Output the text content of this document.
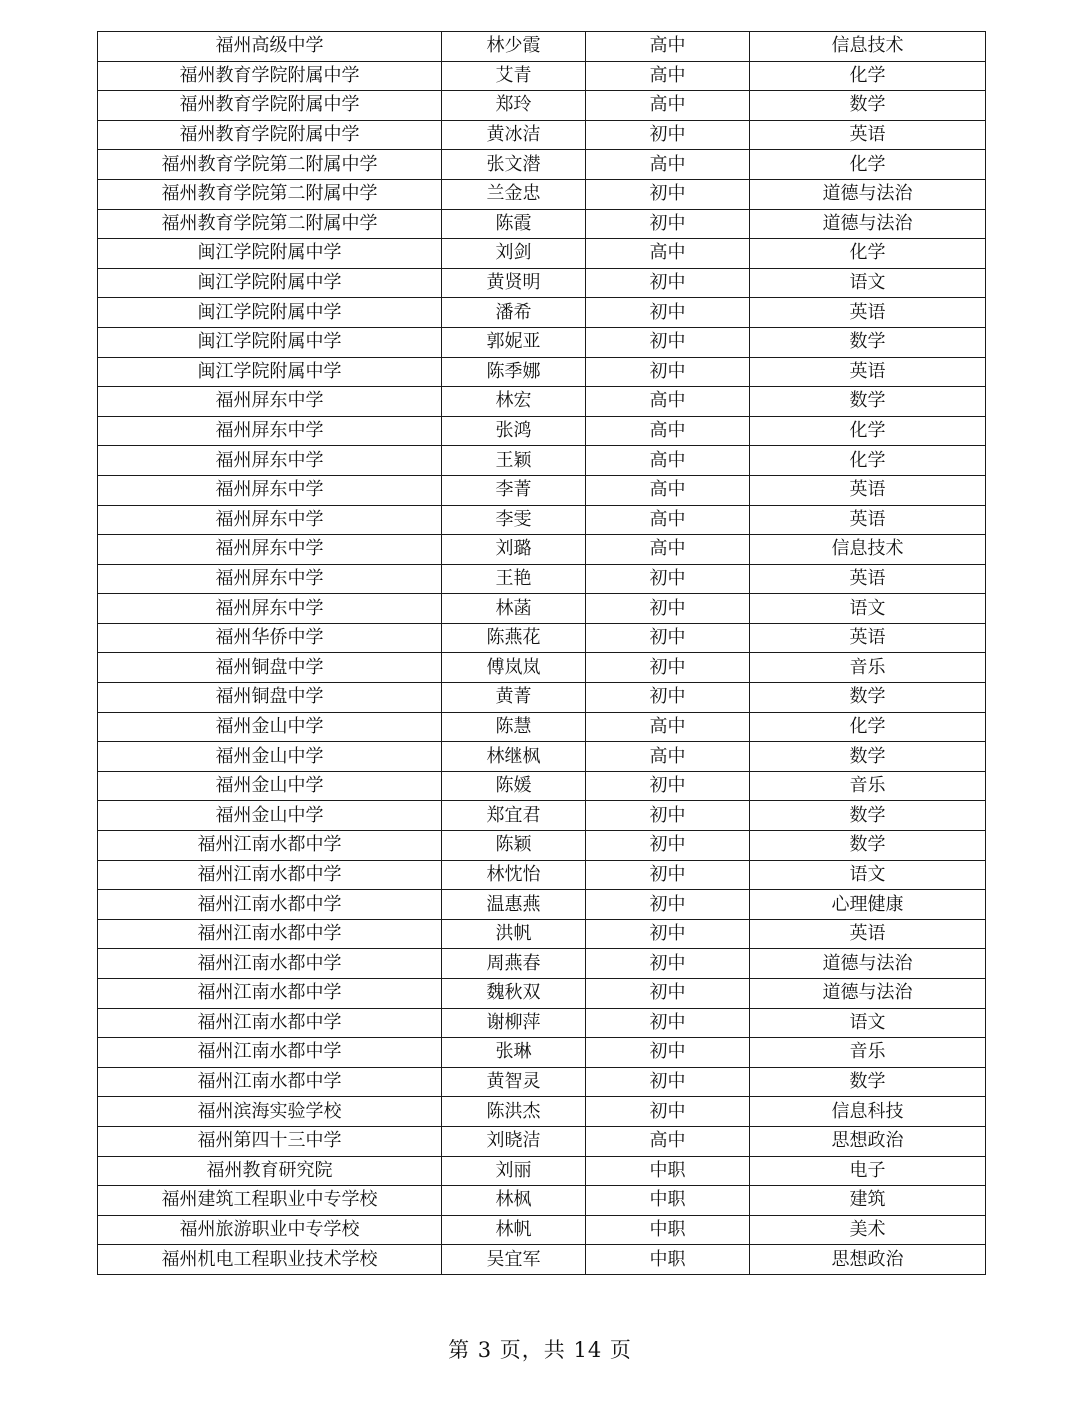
福州高级中学	林少霞	高中	信息技术
福州教育学院附属中学	艾青	高中	化学
福州教育学院附属中学	郑玲	高中	数学
福州教育学院附属中学	黄冰洁	初中	英语
福州教育学院第二附属中学	张文潜	高中	化学
福州教育学院第二附属中学	兰金忠	初中	道德与法治
福州教育学院第二附属中学	陈霞	初中	道德与法治
闽江学院附属中学	刘剑	高中	化学
闽江学院附属中学	黄贤明	初中	语文
闽江学院附属中学	潘希	初中	英语
闽江学院附属中学	郭妮亚	初中	数学
闽江学院附属中学	陈季娜	初中	英语
福州屏东中学	林宏	高中	数学
福州屏东中学	张鸿	高中	化学
福州屏东中学	王颖	高中	化学
福州屏东中学	李菁	高中	英语
福州屏东中学	李雯	高中	英语
福州屏东中学	刘璐	高中	信息技术
福州屏东中学	王艳	初中	英语
福州屏东中学	林菡	初中	语文
福州华侨中学	陈燕花	初中	英语
福州铜盘中学	傅岚岚	初中	音乐
福州铜盘中学	黄菁	初中	数学
福州金山中学	陈慧	高中	化学
福州金山中学	林继枫	高中	数学
福州金山中学	陈媛	初中	音乐
福州金山中学	郑宜君	初中	数学
福州江南水都中学	陈颖	初中	数学
福州江南水都中学	林忱怡	初中	语文
福州江南水都中学	温惠燕	初中	心理健康
福州江南水都中学	洪帆	初中	英语
福州江南水都中学	周燕春	初中	道德与法治
福州江南水都中学	魏秋双	初中	道德与法治
福州江南水都中学	谢柳萍	初中	语文
福州江南水都中学	张琳	初中	音乐
福州江南水都中学	黄智灵	初中	数学
福州滨海实验学校	陈洪杰	初中	信息科技
福州第四十三中学	刘晓洁	高中	思想政治
福州教育研究院	刘丽	中职	电子
福州建筑工程职业中专学校	林枫	中职	建筑
福州旅游职业中专学校	林帆	中职	美术
福州机电工程职业技术学校	吴宜军	中职	思想政治
第 3 页，共 14 页
